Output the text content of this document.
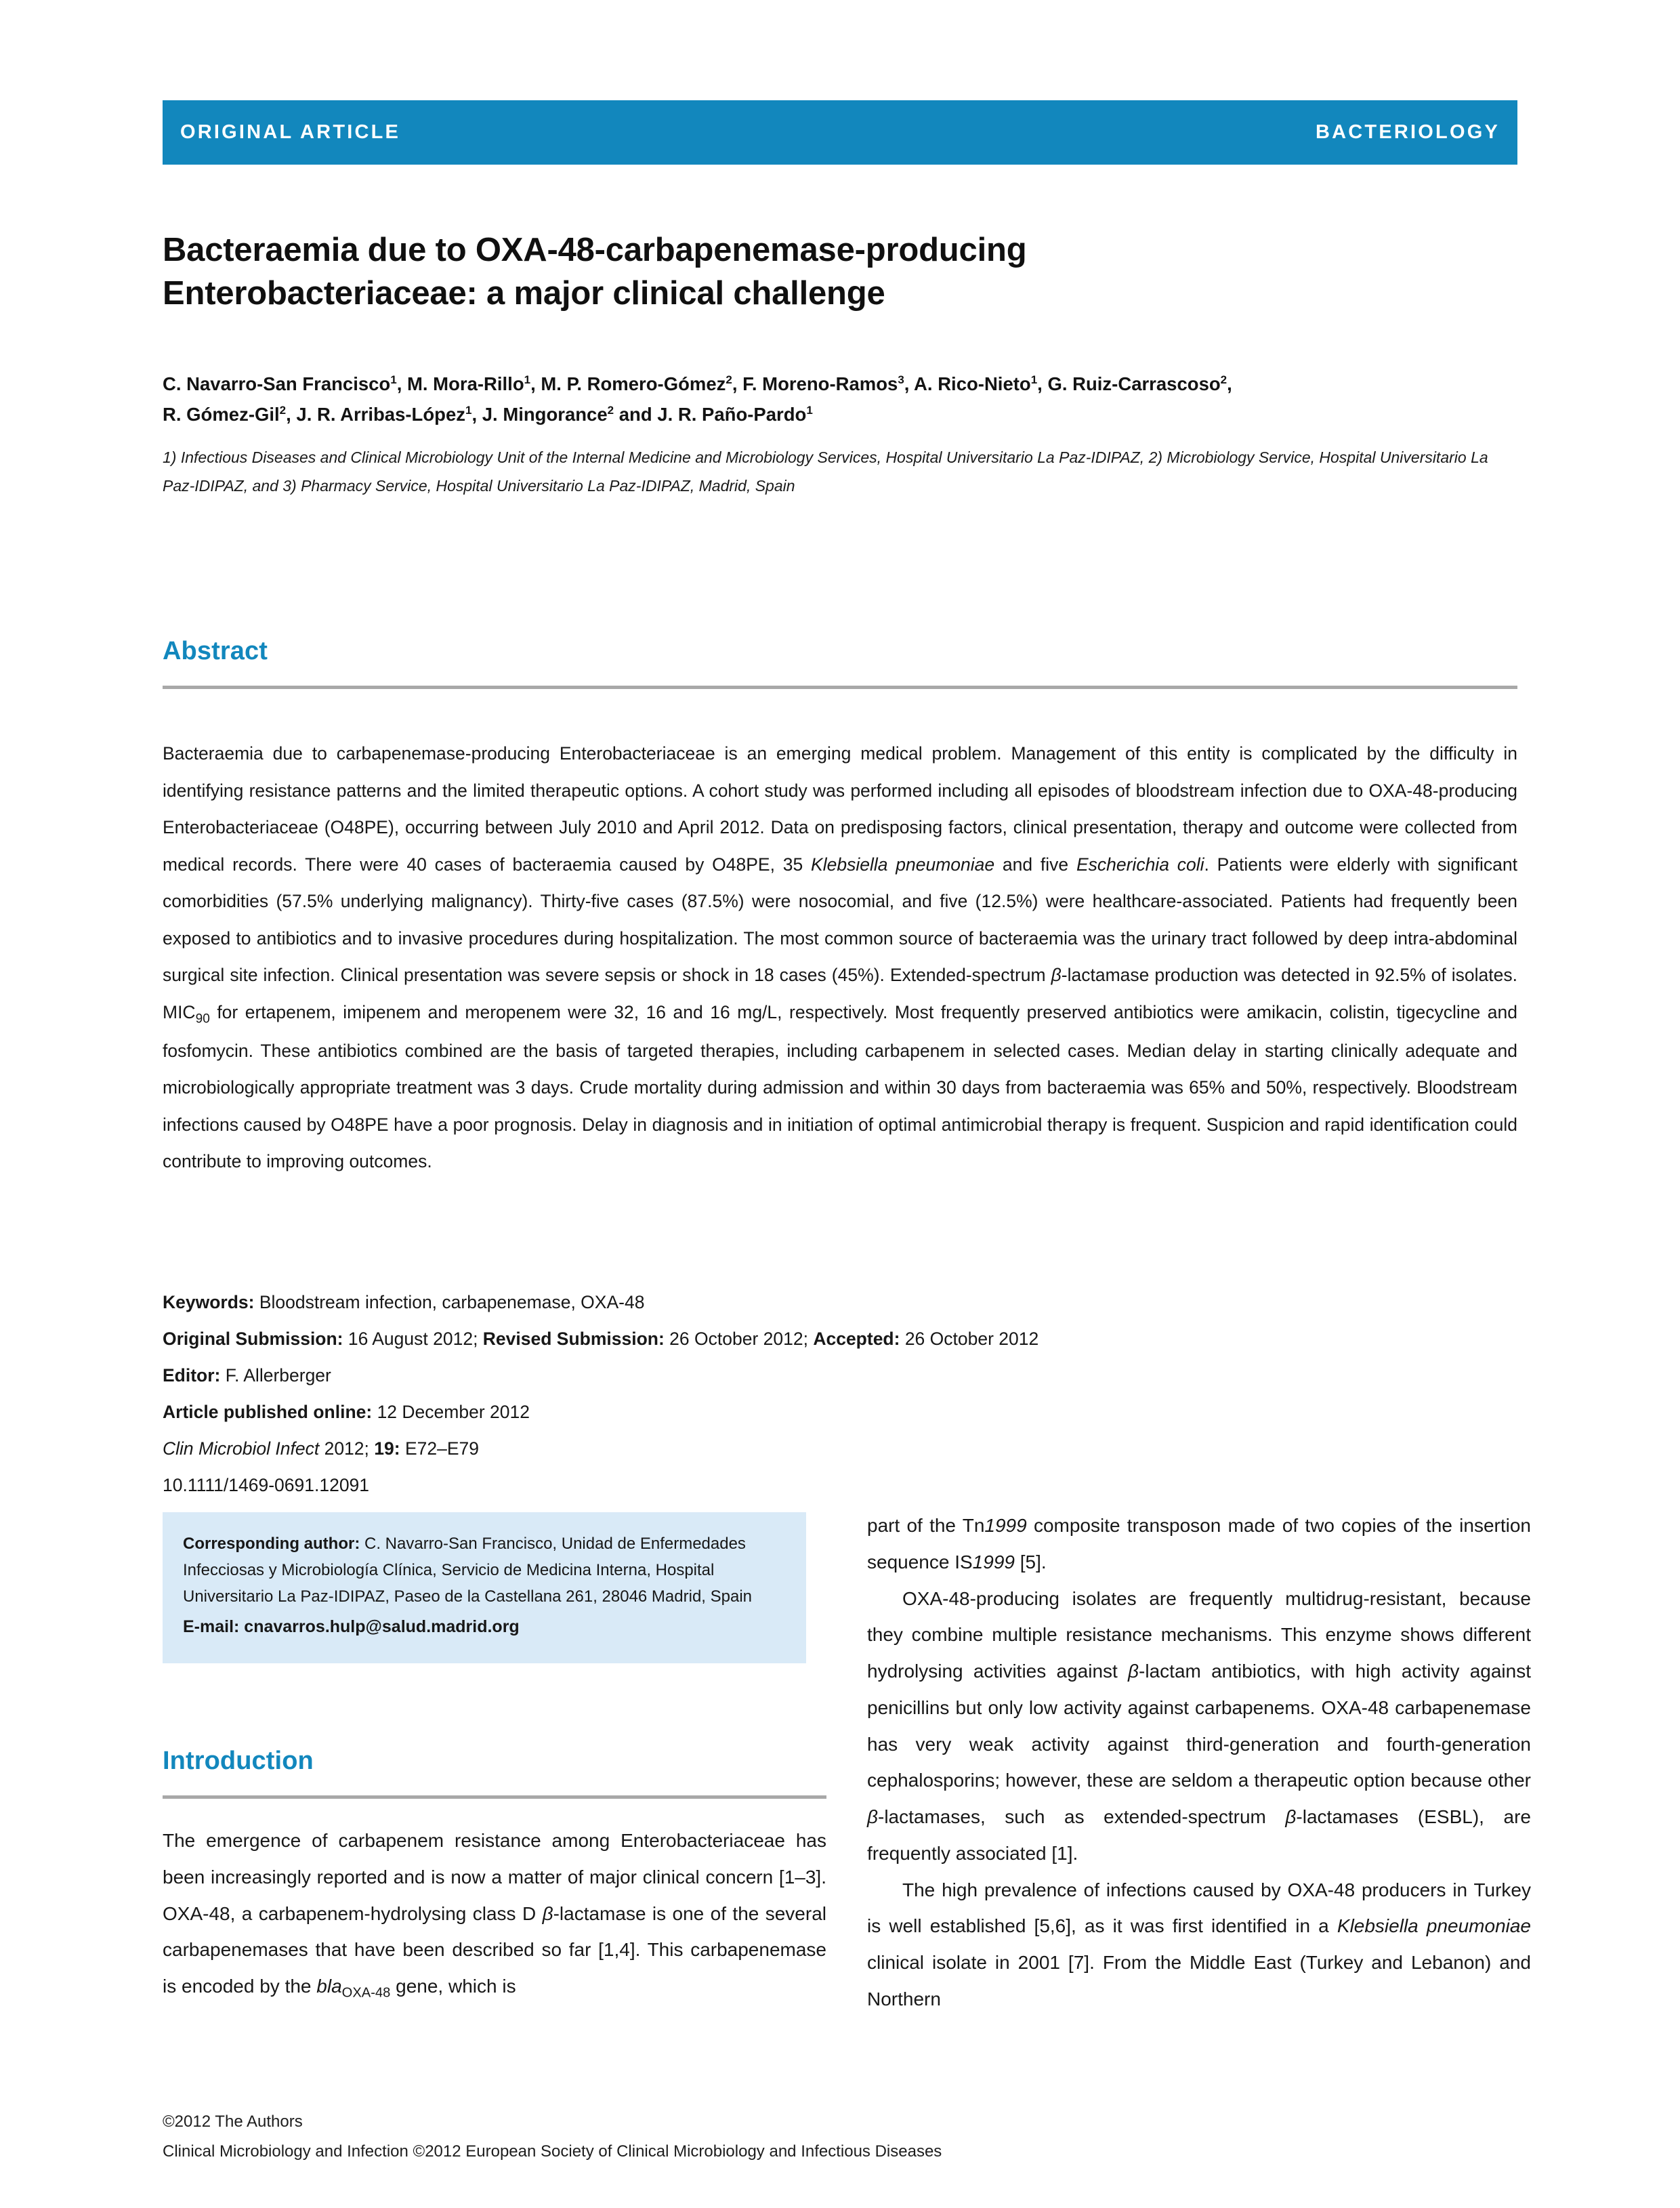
ORIGINAL ARTICLE	BACTERIOLOGY
Bacteraemia due to OXA-48-carbapenemase-producing
Enterobacteriaceae: a major clinical challenge
C. Navarro-San Francisco$^1$, M. Mora-Rillo$^1$, M. P. Romero-Gómez$^2$, F. Moreno-Ramos$^3$, A. Rico-Nieto$^1$, G. Ruiz-Carrascoso$^2$,
R. Gómez-Gil$^2$, J. R. Arribas-López$^1$, J. Mingorance$^2$ and J. R. Paño-Pardo$^1$
1) Infectious Diseases and Clinical Microbiology Unit of the Internal Medicine and Microbiology Services, Hospital Universitario La Paz-IDIPAZ, 2) Microbiology Service, Hospital Universitario La Paz-IDIPAZ, and 3) Pharmacy Service, Hospital Universitario La Paz-IDIPAZ, Madrid, Spain
Abstract

Bacteraemia due to carbapenemase-producing Enterobacteriaceae is an emerging medical problem. Management of this entity is complicated by the difficulty in identifying resistance patterns and the limited therapeutic options. A cohort study was performed including all episodes of bloodstream infection due to OXA-48-producing Enterobacteriaceae (O48PE), occurring between July 2010 and April 2012. Data on predisposing factors, clinical presentation, therapy and outcome were collected from medical records. There were 40 cases of bacteraemia caused by O48PE, 35 Klebsiella pneumoniae and five Escherichia coli. Patients were elderly with significant comorbidities (57.5% underlying malignancy). Thirty-five cases (87.5%) were nosocomial, and five (12.5%) were healthcare-associated. Patients had frequently been exposed to antibiotics and to invasive procedures during hospitalization. The most common source of bacteraemia was the urinary tract followed by deep intra-abdominal surgical site infection. Clinical presentation was severe sepsis or shock in 18 cases (45%). Extended-spectrum β-lactamase production was detected in 92.5% of isolates. $MIC_{90}$ for ertapenem, imipenem and meropenem were 32, 16 and 16 mg/L, respectively. Most frequently preserved antibiotics were amikacin, colistin, tigecycline and fosfomycin. These antibiotics combined are the basis of targeted therapies, including carbapenem in selected cases. Median delay in starting clinically adequate and microbiologically appropriate treatment was 3 days. Crude mortality during admission and within 30 days from bacteraemia was 65% and 50%, respectively. Bloodstream infections caused by O48PE have a poor prognosis. Delay in diagnosis and in initiation of optimal antimicrobial therapy is frequent. Suspicion and rapid identification could contribute to improving outcomes.

Keywords: Bloodstream infection, carbapenemase, OXA-48
Original Submission: 16 August 2012; Revised Submission: 26 October 2012; Accepted: 26 October 2012
Editor: F. Allerberger
Article published online: 12 December 2012
Clin Microbiol Infect 2012; 19: E72–E79
10.1111/1469-0691.12091
Corresponding author: C. Navarro-San Francisco, Unidad de Enfermedades Infecciosas y Microbiología Clínica, Servicio de Medicina Interna, Hospital Universitario La Paz-IDIPAZ, Paseo de la Castellana 261, 28046 Madrid, Spain
E-mail: cnavarros.hulp@salud.madrid.org
Introduction

The emergence of carbapenem resistance among Enterobacteriaceae has been increasingly reported and is now a matter of major clinical concern [1–3]. OXA-48, a carbapenem-hydrolysing class D β-lactamase is one of the several carbapenemases that have been described so far [1,4]. This carbapenemase is encoded by the bla$_{OXA-48}$ gene, which is

part of the Tn1999 composite transposon made of two copies of the insertion sequence IS1999 [5].

OXA-48-producing isolates are frequently multidrug-resistant, because they combine multiple resistance mechanisms. This enzyme shows different hydrolysing activities against β-lactam antibiotics, with high activity against penicillins but only low activity against carbapenems. OXA-48 carbapenemase has very weak activity against third-generation and fourth-generation cephalosporins; however, these are seldom a therapeutic option because other β-lactamases, such as extended-spectrum β-lactamases (ESBL), are frequently associated [1].

The high prevalence of infections caused by OXA-48 producers in Turkey is well established [5,6], as it was first identified in a Klebsiella pneumoniae clinical isolate in 2001 [7]. From the Middle East (Turkey and Lebanon) and Northern

©2012 The Authors
Clinical Microbiology and Infection ©2012 European Society of Clinical Microbiology and Infectious Diseases
